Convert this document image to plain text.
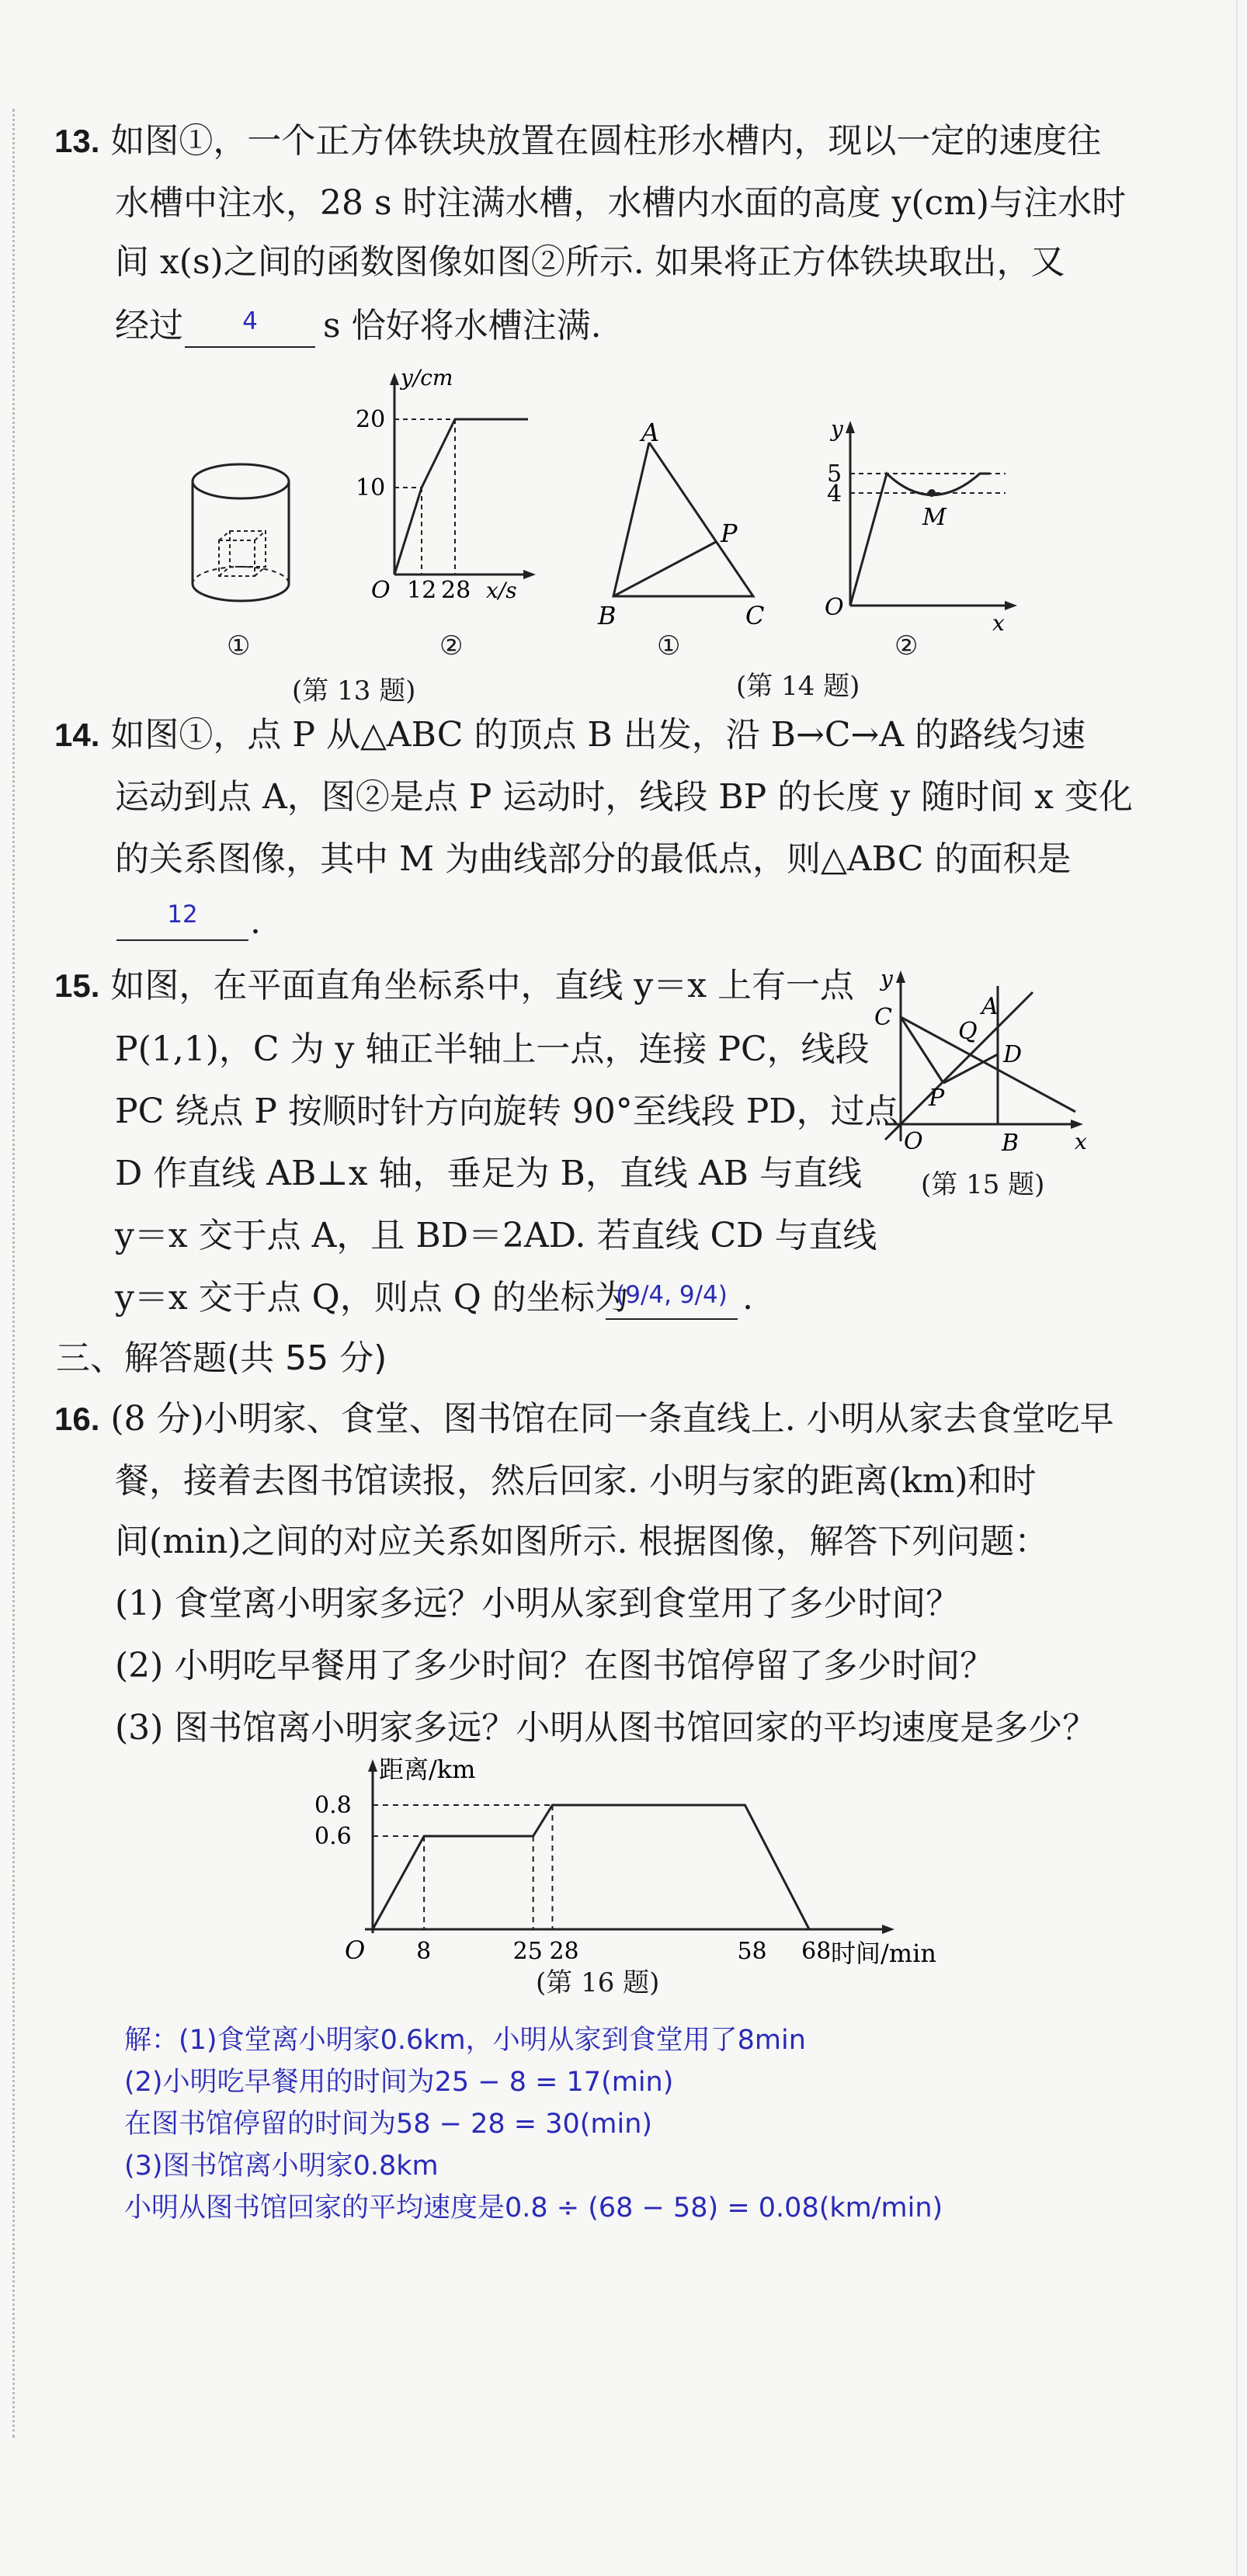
13. 如图①，一个正方体铁块放置在圆柱形水槽内，现以一定的速度往
水槽中注水，28 s 时注满水槽，水槽内水面的高度 y(cm)与注水时
间 x(s)之间的函数图像如图②所示. 如果将正方体铁块取出，又
经过	4	s 恰好将水槽注满.
①
y/cm
20
10
O 12 28 x/s
②
(第 13 题)
A
P
B	C
①
y
5
4
M
O
x
②
(第 14 题)
14. 如图①，点 P 从△ABC 的顶点 B 出发，沿 B→C→A 的路线匀速
运动到点 A，图②是点 P 运动时，线段 BP 的长度 y 随时间 x 变化
的关系图像，其中 M 为曲线部分的最低点，则△ABC 的面积是
12	.
15. 如图，在平面直角坐标系中，直线 y＝x 上有一点
P(1,1)，C 为 y 轴正半轴上一点，连接 PC，线段
PC 绕点 P 按顺时针方向旋转 90°至线段 PD，过点
D 作直线 AB⊥x 轴，垂足为 B，直线 AB 与直线
y＝x 交于点 A，且 BD＝2AD. 若直线 CD 与直线
y＝x 交于点 Q，则点 Q 的坐标为
(9/4, 9/4) .
y
C
Q
A
D
P
O	B	x
(第 15 题)
三、解答题(共 55 分)
16. (8 分)小明家、食堂、图书馆在同一条直线上. 小明从家去食堂吃早
餐，接着去图书馆读报，然后回家. 小明与家的距离(km)和时
间(min)之间的对应关系如图所示. 根据图像，解答下列问题：
(1) 食堂离小明家多远？小明从家到食堂用了多少时间？
(2) 小明吃早餐用了多少时间？在图书馆停留了多少时间？
(3) 图书馆离小明家多远？小明从图书馆回家的平均速度是多少？
8	25 28	58 68
0.8
0.6
距离/km
时间/min
O
(第 16 题)
解：(1)食堂离小明家0.6km，小明从家到食堂用了8min
(2)小明吃早餐用的时间为25 − 8 = 17(min)
在图书馆停留的时间为58 − 28 = 30(min)
(3)图书馆离小明家0.8km
小明从图书馆回家的平均速度是0.8 ÷ (68 − 58) = 0.08(km/min)
